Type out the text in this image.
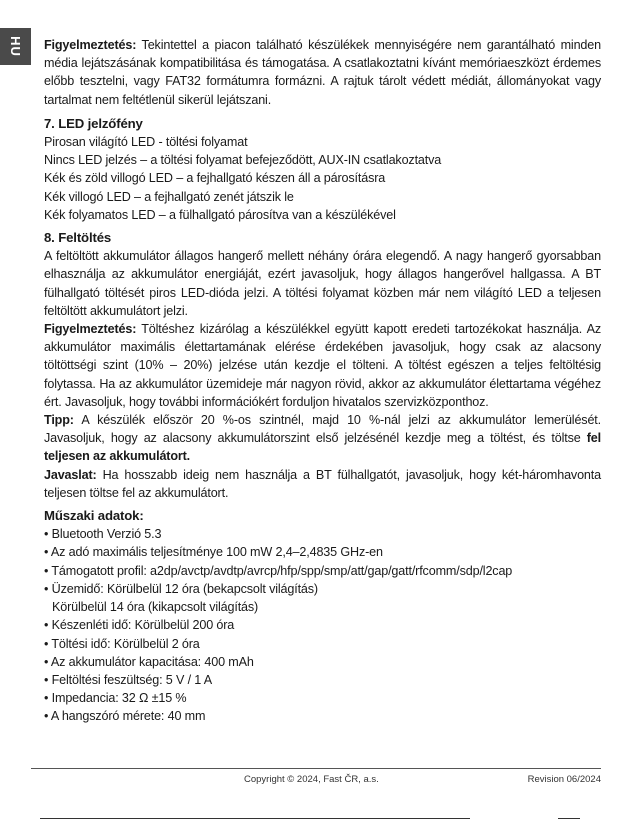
HU Figyelmeztetés: Tekintettel a piacon található készülékek mennyiségére nem garantálható minden média lejátszásának kompatibilitása és támogatása. A csatlakoztatni kívánt memóriaeszközt érdemes előbb tesztelni, vagy FAT32 formátumra formázni. A rajtuk tárolt védett médiát, állományokat vagy tartalmat nem feltétlenül sikerül lejátszani.

7. LED jelzőfény

Pirosan világító LED - töltési folyamat

Nincs LED jelzés – a töltési folyamat befejeződött, AUX-IN csatlakoztatva

Kék és zöld villogó LED – a fejhallgató készen áll a párosításra

Kék villogó LED – a fejhallgató zenét játszik le

Kék folyamatos LED – a fülhallgató párosítva van a készülékével

8. Feltöltés

A feltöltött akkumulátor állagos hangerő mellett néhány órára elegendő. A nagy hangerő gyorsabban elhasználja az akkumulátor energiáját, ezért javasoljuk, hogy állagos hangerővel hallgassa. A BT fülhallgató töltését piros LED-dióda jelzi. A töltési folyamat közben már nem világító LED a teljesen feltöltött akkumulátort jelzi.

Figyelmeztetés: Töltéshez kizárólag a készülékkel együtt kapott eredeti tartozékokat használja. Az akkumulátor maximális élettartamának elérése érdekében javasoljuk, hogy csak az alacsony töltöttségi szint (10% – 20%) jelzése után kezdje el tölteni. A töltést egészen a teljes feltöltésig folytassa. Ha az akkumulátor üzemideje már nagyon rövid, akkor az akkumulátor élettartama végéhez ért. Javasoljuk, hogy további információkért forduljon hivatalos szervizközponthoz.

Tipp: A készülék először 20 %-os szintnél, majd 10 %-nál jelzi az akkumulátor lemerülését. Javasoljuk, hogy az alacsony akkumulátorszint első jelzésénél kezdje meg a töltést, és töltse fel teljesen az akkumulátort.

Javaslat: Ha hosszabb ideig nem használja a BT fülhallgatót, javasoljuk, hogy két-háromhavonta teljesen töltse fel az akkumulátort.

Műszaki adatok:

• Bluetooth Verzió 5.3

• Az adó maximális teljesítménye 100 mW 2,4–2,4835 GHz-en

• Támogatott profil: a2dp/avctp/avdtp/avrcp/hfp/spp/smp/att/gap/gatt/rfcomm/sdp/l2cap

• Üzemidő: Körülbelül 12 óra (bekapcsolt világítás)

Körülbelül 14 óra (kikapcsolt világítás)

• Készenléti idő: Körülbelül 200 óra

• Töltési idő: Körülbelül 2 óra

• Az akkumulátor kapacitása: 400 mAh

• Feltöltési feszültség: 5 V / 1 A

• Impedancia: 32 Ω ±15 %

• A hangszóró mérete: 40 mm

Copyright © 2024, Fast ČR, a.s.	Revision 06/2024
